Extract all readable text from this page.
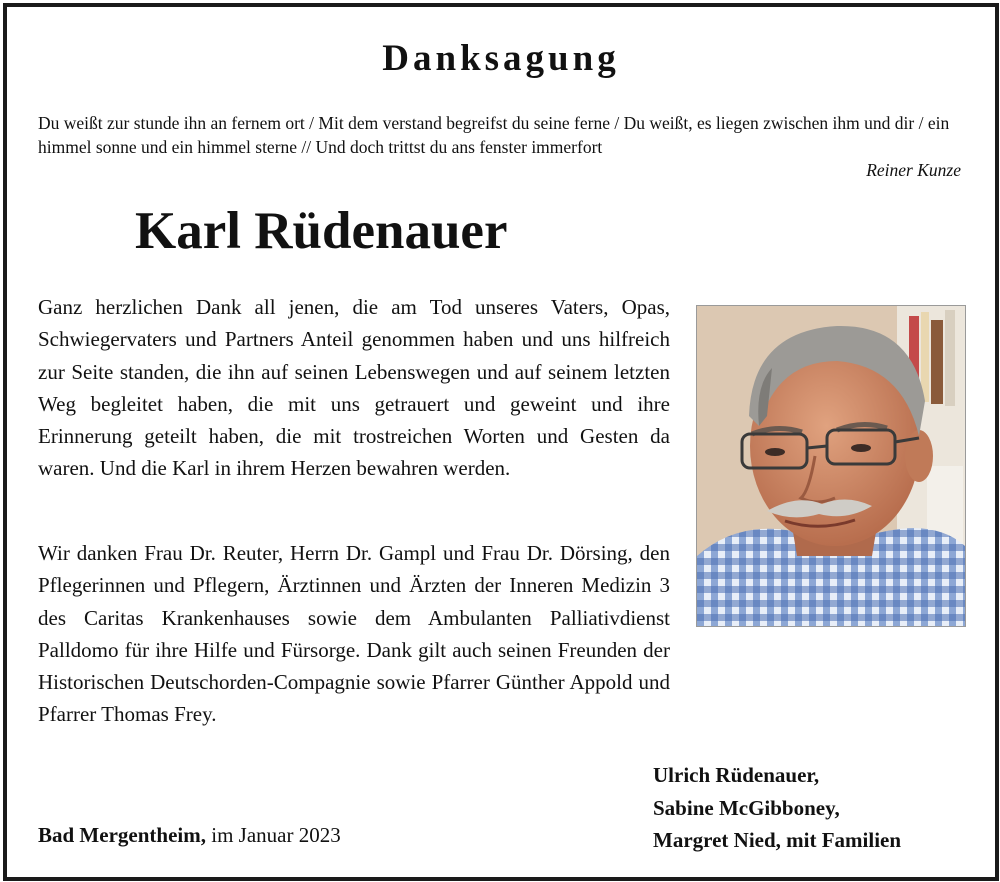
Danksagung

Du weißt zur stunde ihn an fernem ort / Mit dem verstand begreifst du seine ferne / Du weißt, es liegen zwischen ihm und dir / ein himmel sonne und ein himmel sterne // Und doch trittst du ans fenster immerfort

Reiner Kunze

Karl Rüdenauer

Ganz herzlichen Dank all jenen, die am Tod unseres Vaters, Opas, Schwiegervaters und Partners Anteil genommen haben und uns hilfreich zur Seite standen, die ihn auf seinen Lebenswegen und auf seinem letzten Weg begleitet haben, die mit uns getrauert und geweint und ihre Erinnerung geteilt haben, die mit trostreichen Worten und Gesten da waren. Und die Karl in ihrem Herzen bewahren werden.

Wir danken Frau Dr. Reuter, Herrn Dr. Gampl und Frau Dr. Dörsing, den Pflegerinnen und Pflegern, Ärztinnen und Ärzten der Inneren Medizin 3 des Caritas Krankenhauses sowie dem Ambulanten Palliativdienst Palldomo für ihre Hilfe und Fürsorge. Dank gilt auch seinen Freunden der Historischen Deutschorden-Compagnie sowie Pfarrer Günther Appold und Pfarrer Thomas Frey.

Bad Mergentheim, im Januar 2023

Ulrich Rüdenauer,
Sabine McGibboney,
Margret Nied, mit Familien
